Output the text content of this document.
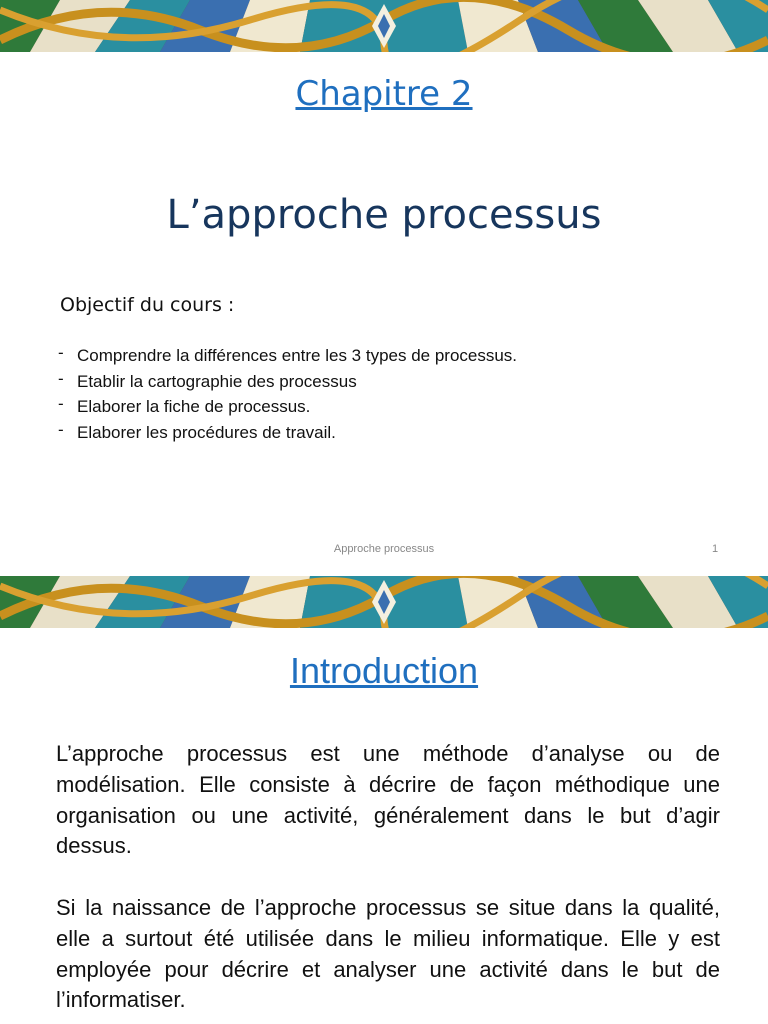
Chapitre 2
L’approche processus
Objectif du cours :
- Comprendre la différences entre les 3 types de processus.
- Etablir la cartographie des processus
- Elaborer la fiche de processus.
- Elaborer les procédures de travail.
Approche processus	1
Introduction

L’approche processus est une méthode d’analyse ou de modélisation. Elle consiste à décrire de façon méthodique une organisation ou une activité, généralement dans le but d’agir dessus.

Si la naissance de l’approche processus se situe dans la qualité, elle a surtout été utilisée dans le milieu informatique. Elle y est employée pour décrire et analyser une activité dans le but de l’informatiser.
